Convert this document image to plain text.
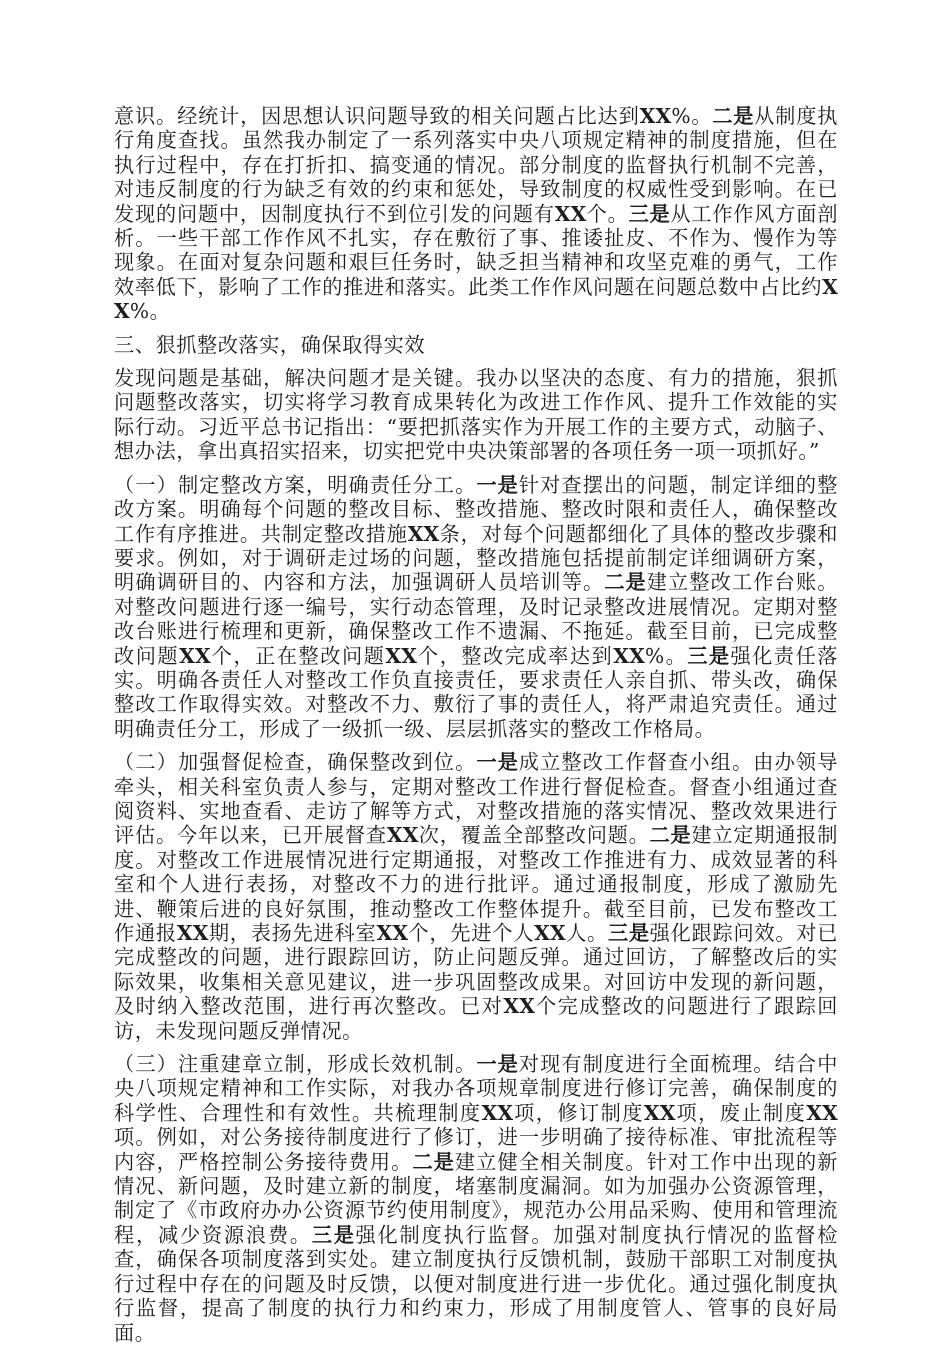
意识。经统计，因思想认识问题导致的相关问题占比达到XX%。二是从制度执行角度查找。虽然我办制定了一系列落实中央八项规定精神的制度措施，但在执行过程中，存在打折扣、搞变通的情况。部分制度的监督执行机制不完善，对违反制度的行为缺乏有效的约束和惩处，导致制度的权威性受到影响。在已发现的问题中，因制度执行不到位引发的问题有XX个。三是从工作作风方面剖析。一些干部工作作风不扎实，存在敷衍了事、推诿扯皮、不作为、慢作为等现象。在面对复杂问题和艰巨任务时，缺乏担当精神和攻坚克难的勇气，工作效率低下，影响了工作的推进和落实。此类工作作风问题在问题总数中占比约XX%。

三、狠抓整改落实，确保取得实效

发现问题是基础，解决问题才是关键。我办以坚决的态度、有力的措施，狠抓问题整改落实，切实将学习教育成果转化为改进工作作风、提升工作效能的实际行动。习近平总书记指出：“要把抓落实作为开展工作的主要方式，动脑子、想办法，拿出真招实招来，切实把党中央决策部署的各项任务一项一项抓好。”

（一）制定整改方案，明确责任分工。一是针对查摆出的问题，制定详细的整改方案。明确每个问题的整改目标、整改措施、整改时限和责任人，确保整改工作有序推进。共制定整改措施XX条，对每个问题都细化了具体的整改步骤和要求。例如，对于调研走过场的问题，整改措施包括提前制定详细调研方案，明确调研目的、内容和方法，加强调研人员培训等。二是建立整改工作台账。对整改问题进行逐一编号，实行动态管理，及时记录整改进展情况。定期对整改台账进行梳理和更新，确保整改工作不遗漏、不拖延。截至目前，已完成整改问题XX个，正在整改问题XX个，整改完成率达到XX%。三是强化责任落实。明确各责任人对整改工作负直接责任，要求责任人亲自抓、带头改，确保整改工作取得实效。对整改不力、敷衍了事的责任人，将严肃追究责任。通过明确责任分工，形成了一级抓一级、层层抓落实的整改工作格局。

（二）加强督促检查，确保整改到位。一是成立整改工作督查小组。由办领导牵头，相关科室负责人参与，定期对整改工作进行督促检查。督查小组通过查阅资料、实地查看、走访了解等方式，对整改措施的落实情况、整改效果进行评估。今年以来，已开展督查XX次，覆盖全部整改问题。二是建立定期通报制度。对整改工作进展情况进行定期通报，对整改工作推进有力、成效显著的科室和个人进行表扬，对整改不力的进行批评。通过通报制度，形成了激励先进、鞭策后进的良好氛围，推动整改工作整体提升。截至目前，已发布整改工作通报XX期，表扬先进科室XX个，先进个人XX人。三是强化跟踪问效。对已完成整改的问题，进行跟踪回访，防止问题反弹。通过回访，了解整改后的实际效果，收集相关意见建议，进一步巩固整改成果。对回访中发现的新问题，及时纳入整改范围，进行再次整改。已对XX个完成整改的问题进行了跟踪回访，未发现问题反弹情况。

（三）注重建章立制，形成长效机制。一是对现有制度进行全面梳理。结合中央八项规定精神和工作实际，对我办各项规章制度进行修订完善，确保制度的科学性、合理性和有效性。共梳理制度XX项，修订制度XX项，废止制度XX项。例如，对公务接待制度进行了修订，进一步明确了接待标准、审批流程等内容，严格控制公务接待费用。二是建立健全相关制度。针对工作中出现的新情况、新问题，及时建立新的制度，堵塞制度漏洞。如为加强办公资源管理，制定了《市政府办办公资源节约使用制度》，规范办公用品采购、使用和管理流程，减少资源浪费。三是强化制度执行监督。加强对制度执行情况的监督检查，确保各项制度落到实处。建立制度执行反馈机制，鼓励干部职工对制度执行过程中存在的问题及时反馈，以便对制度进行进一步优化。通过强化制度执行监督，提高了制度的执行力和约束力，形成了用制度管人、管事的良好局面。
